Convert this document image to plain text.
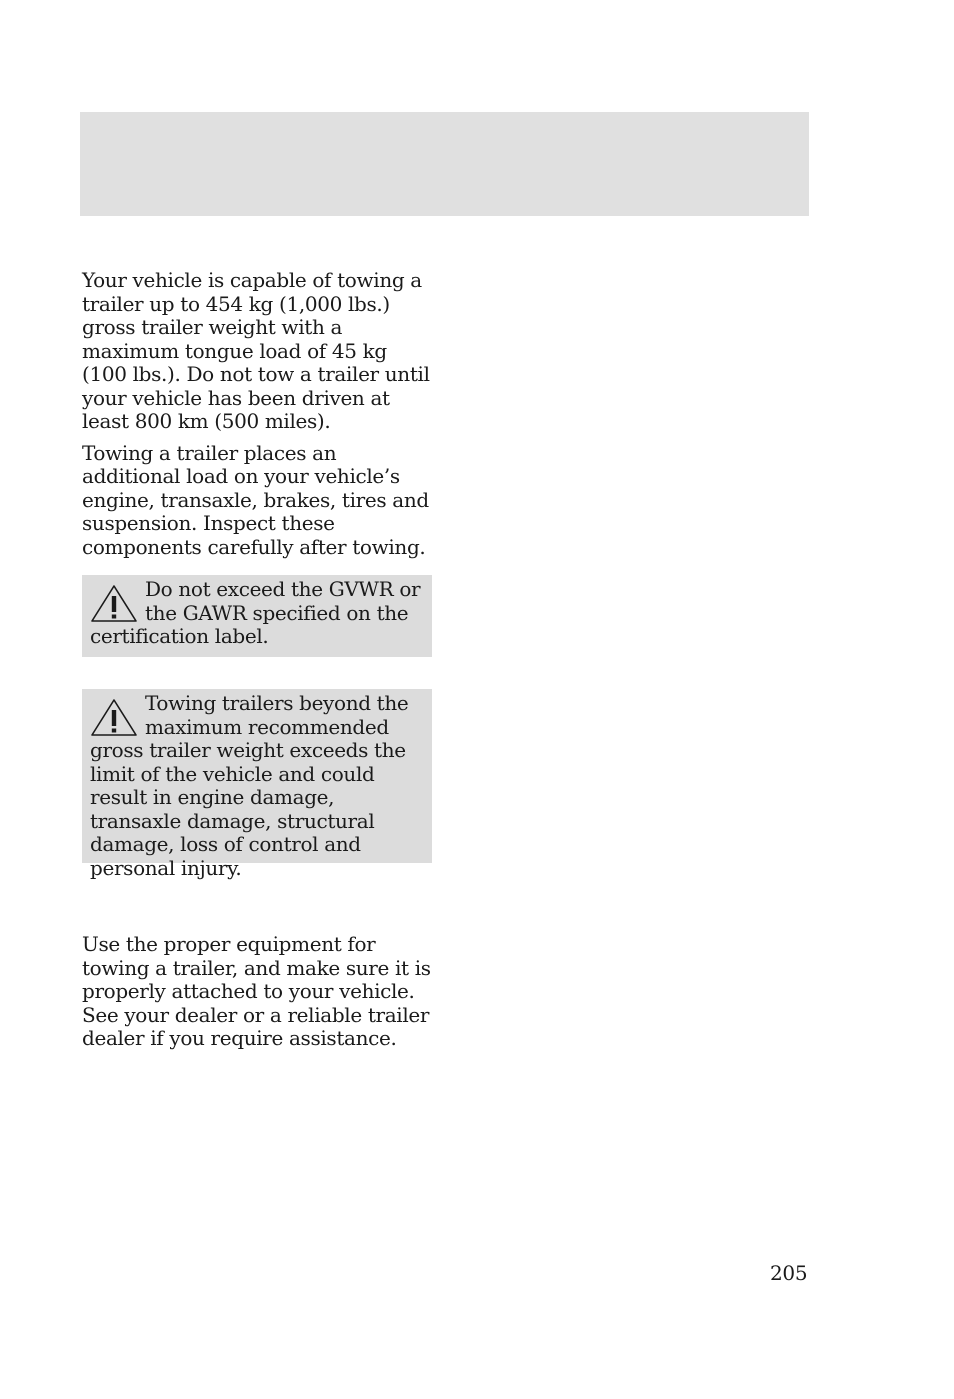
Your vehicle is capable of towing a trailer up to 454 kg (1,000 lbs.) gross trailer weight with a maximum tongue load of 45 kg (100 lbs.). Do not tow a trailer until your vehicle has been driven at least 800 km (500 miles).

Towing a trailer places an additional load on your vehicle’s engine, transaxle, brakes, tires and suspension. Inspect these components carefully after towing.

Do not exceed the GVWR or the GAWR specified on the certification label.
Towing trailers beyond the maximum recommended gross trailer weight exceeds the limit of the vehicle and could result in engine damage, transaxle damage, structural damage, loss of control and personal injury.

Use the proper equipment for towing a trailer, and make sure it is properly attached to your vehicle. See your dealer or a reliable trailer dealer if you require assistance.

205
